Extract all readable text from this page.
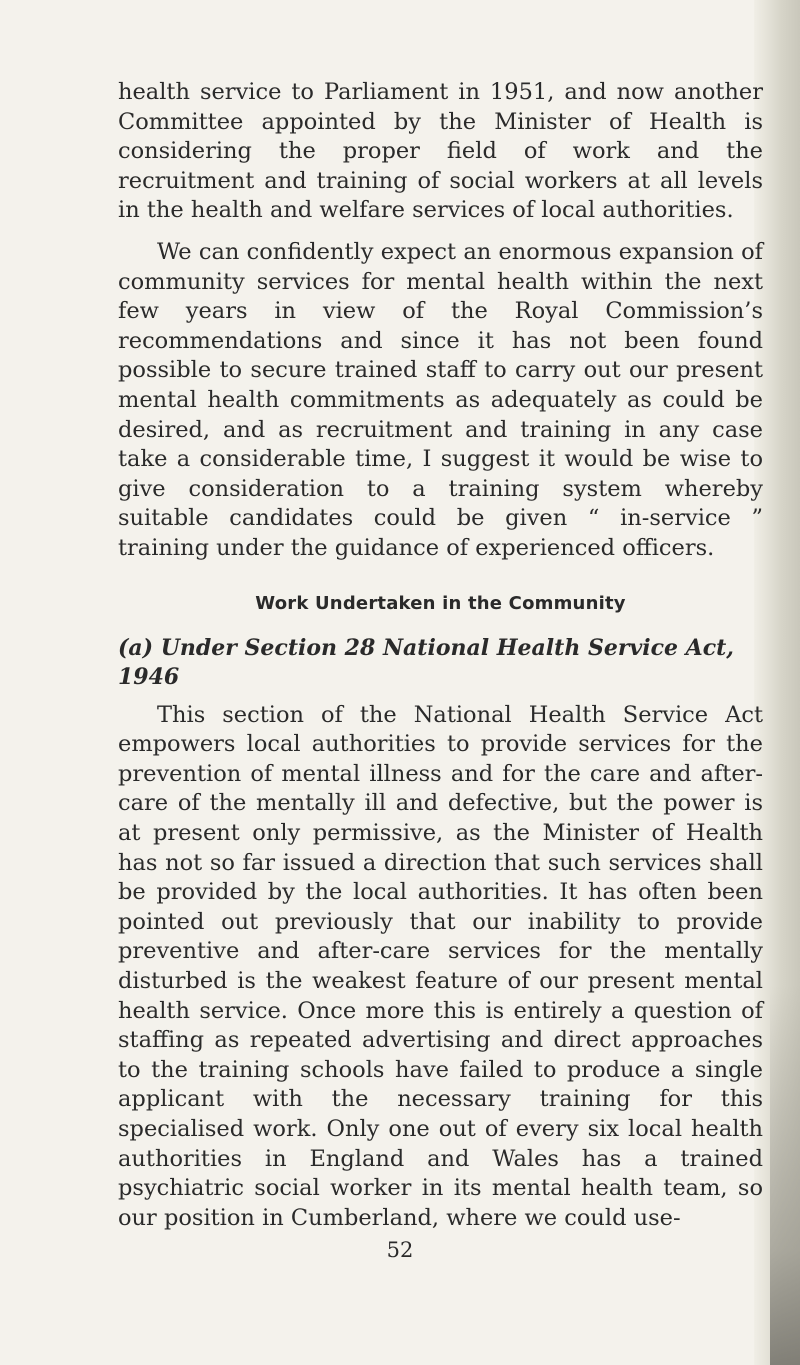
health service to Parliament in 1951, and now another Committee appointed by the Minister of Health is considering the proper field of work and the recruitment and training of social workers at all levels in the health and welfare services of local authorities.

We can confidently expect an enormous expansion of community services for mental health within the next few years in view of the Royal Commission’s recommendations and since it has not been found possible to secure trained staff to carry out our present mental health commitments as adequately as could be desired, and as recruitment and training in any case take a considerable time, I suggest it would be wise to give consideration to a training system whereby suitable candidates could be given “ in-service ” training under the guidance of experienced officers.

Work Undertaken in the Community
(a) Under Section 28 National Health Service Act, 1946

This section of the National Health Service Act empowers local authorities to provide services for the prevention of mental illness and for the care and after-care of the mentally ill and defective, but the power is at present only permissive, as the Minister of Health has not so far issued a direction that such services shall be provided by the local authorities. It has often been pointed out previously that our inability to provide preventive and after-care services for the mentally disturbed is the weakest feature of our present mental health service. Once more this is entirely a question of staffing as repeated advertising and direct approaches to the training schools have failed to produce a single applicant with the necessary training for this specialised work. Only one out of every six local health authorities in England and Wales has a trained psychiatric social worker in its mental health team, so our position in Cumberland, where we could use-

52
